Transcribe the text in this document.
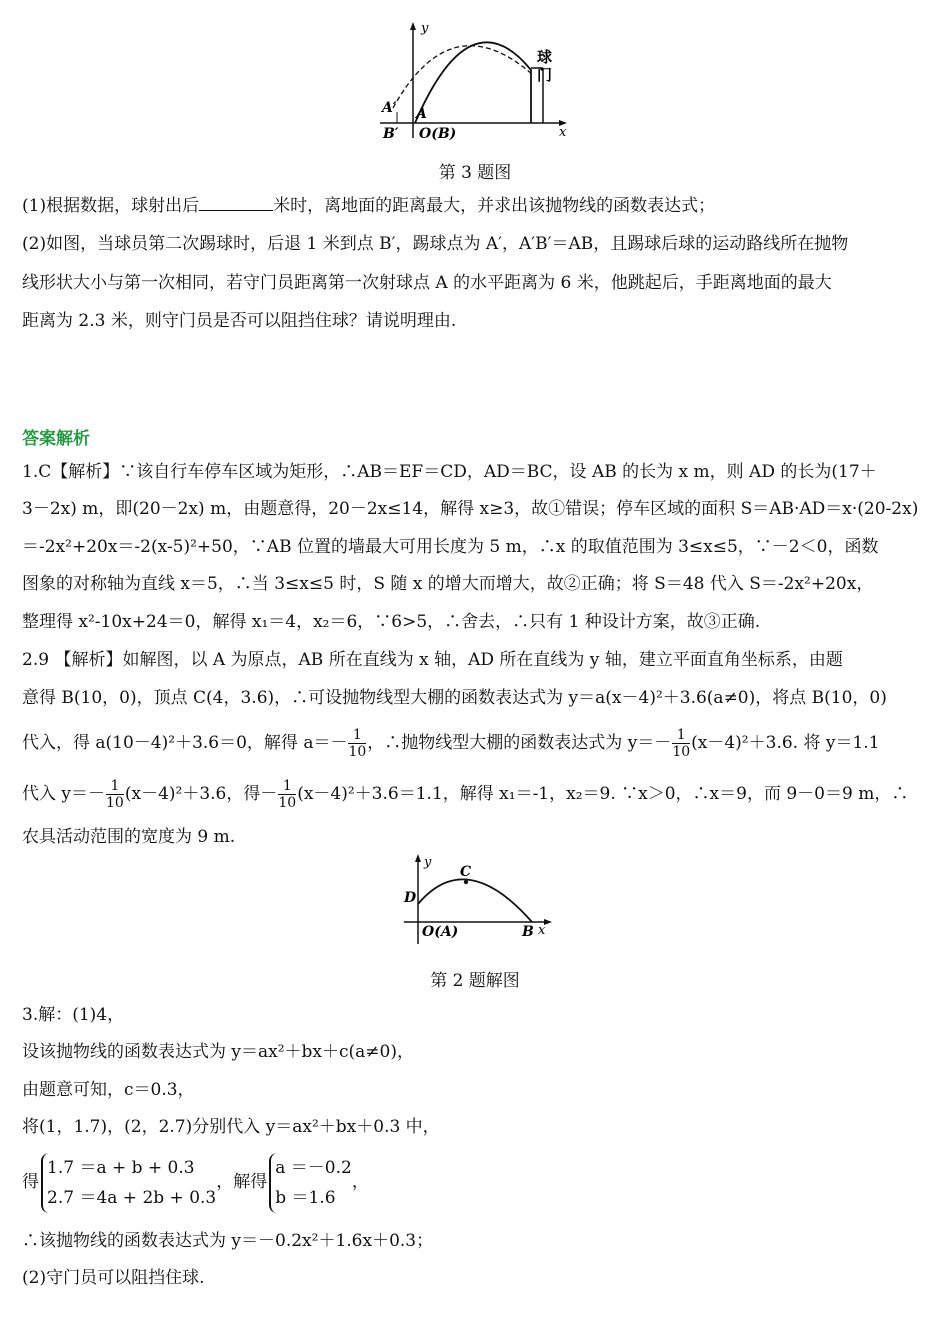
y
x
A′ A
B′ O(B)
球
门
第 3 题图
(1)根据数据，球射出后	米时，离地面的距离最大，并求出该抛物线的函数表达式；
(2)如图，当球员第二次踢球时，后退 1 米到点 B′，踢球点为 A′，A′B′＝AB，且踢球后球的运动路线所在抛物
线形状大小与第一次相同，若守门员距离第一次射球点 A 的水平距离为 6 米，他跳起后，手距离地面的最大
距离为 2.3 米，则守门员是否可以阻挡住球？请说明理由.
答案解析
1.C【解析】∵该自行车停车区域为矩形，∴AB＝EF＝CD，AD＝BC，设 AB 的长为 x m，则 AD 的长为(17＋
3－2x) m，即(20－2x) m，由题意得，20－2x≤14，解得 x≥3，故①错误；停车区域的面积 S＝AB·AD＝x·(20-2x)
＝-2x²+20x＝-2(x-5)²+50，∵AB 位置的墙最大可用长度为 5 m，∴x 的取值范围为 3≤x≤5，∵－2＜0，函数
图象的对称轴为直线 x＝5，∴当 3≤x≤5 时，S 随 x 的增大而增大，故②正确；将 S＝48 代入 S＝-2x²+20x，
整理得 x²-10x+24＝0，解得 x₁＝4，x₂＝6，∵6>5，∴舍去，∴只有 1 种设计方案，故③正确.
2.9 【解析】如解图，以 A 为原点，AB 所在直线为 x 轴，AD 所在直线为 y 轴，建立平面直角坐标系，由题
意得 B(10，0)，顶点 C(4，3.6)，∴可设抛物线型大棚的函数表达式为 y＝a(x－4)²＋3.6(a≠0)，将点 B(10，0)
代入，得 a(10－4)²＋3.6＝0，解得 $a=- \frac{1}{10}$ ，∴抛物线型大棚的函数表达式为 $y=- \frac{1}{10} (x-4)^2+3.6$. 将 y＝1.1
代入 $y=- \frac{1}{10} (x-4)^2+3.6$，得－ $\frac{1}{10} (x-4)^2+3.6=1.1$，解得 x₁＝-1，x₂＝9. ∵x＞0，∴x＝9，而 9－0＝9 m，∴
农具活动范围的宽度为 9 m.
y
x
C
D
O(A)	B
第 2 题解图
3.解：(1)4，
设该抛物线的函数表达式为 y＝ax²＋bx＋c(a≠0)，
由题意可知，c＝0.3，
将(1，1.7)，(2，2.7)分别代入 y＝ax²＋bx＋0.3 中，
得
1.7 ＝a + b + 0.3
2.7 ＝4a + 2b + 0.3
，解得
a ＝－0.2
b ＝1.6
，
∴该抛物线的函数表达式为 y＝－0.2x²＋1.6x＋0.3；
(2)守门员可以阻挡住球.
